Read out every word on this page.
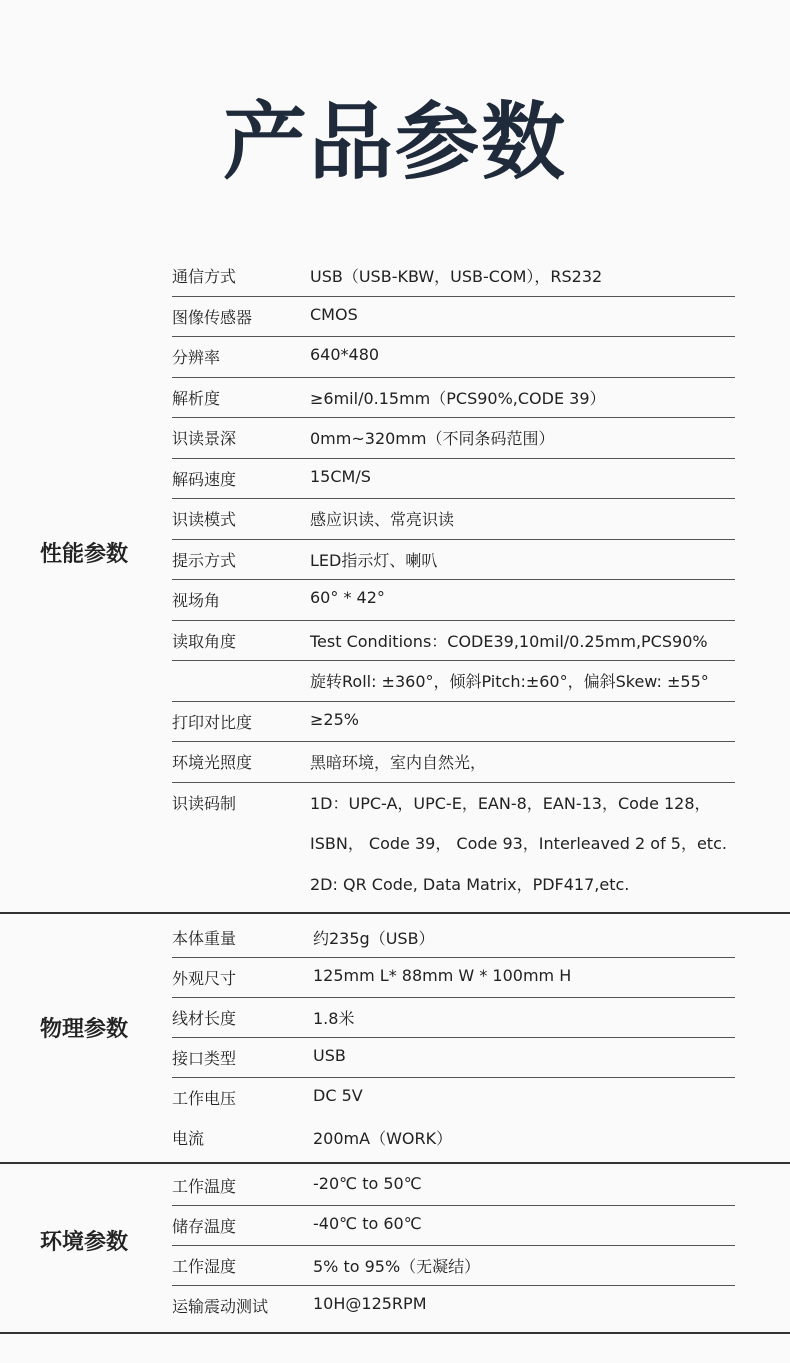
产品参数
性能参数
通信方式	USB（USB-KBW，USB-COM），RS232
图像传感器	CMOS
分辨率	640*480
解析度	≥6mil/0.15mm（PCS90%,CODE 39）
识读景深	0mm~320mm（不同条码范围）
解码速度	15CM/S
识读模式	感应识读、常亮识读
提示方式	LED指示灯、喇叭
视场角	60° * 42°
读取角度	Test Conditions：CODE39,10mil/0.25mm,PCS90%
旋转Roll: ±360°，倾斜Pitch:±60°，偏斜Skew: ±55°
打印对比度	≥25%
环境光照度	黑暗环境，室内自然光，
识读码制	1D：UPC-A，UPC-E，EAN-8，EAN-13，Code 128，
ISBN， Code 39， Code 93，Interleaved 2 of 5，etc.
2D: QR Code, Data Matrix，PDF417,etc.
物理参数
本体重量	约235g（USB）
外观尺寸	125mm L* 88mm W * 100mm H
线材长度	1.8米
接口类型	USB
工作电压	DC 5V
电流	200mA（WORK）
环境参数
工作温度	-20℃ to 50℃
储存温度	-40℃ to 60℃
工作湿度	5% to 95%（无凝结）
运输震动测试	10H@125RPM
